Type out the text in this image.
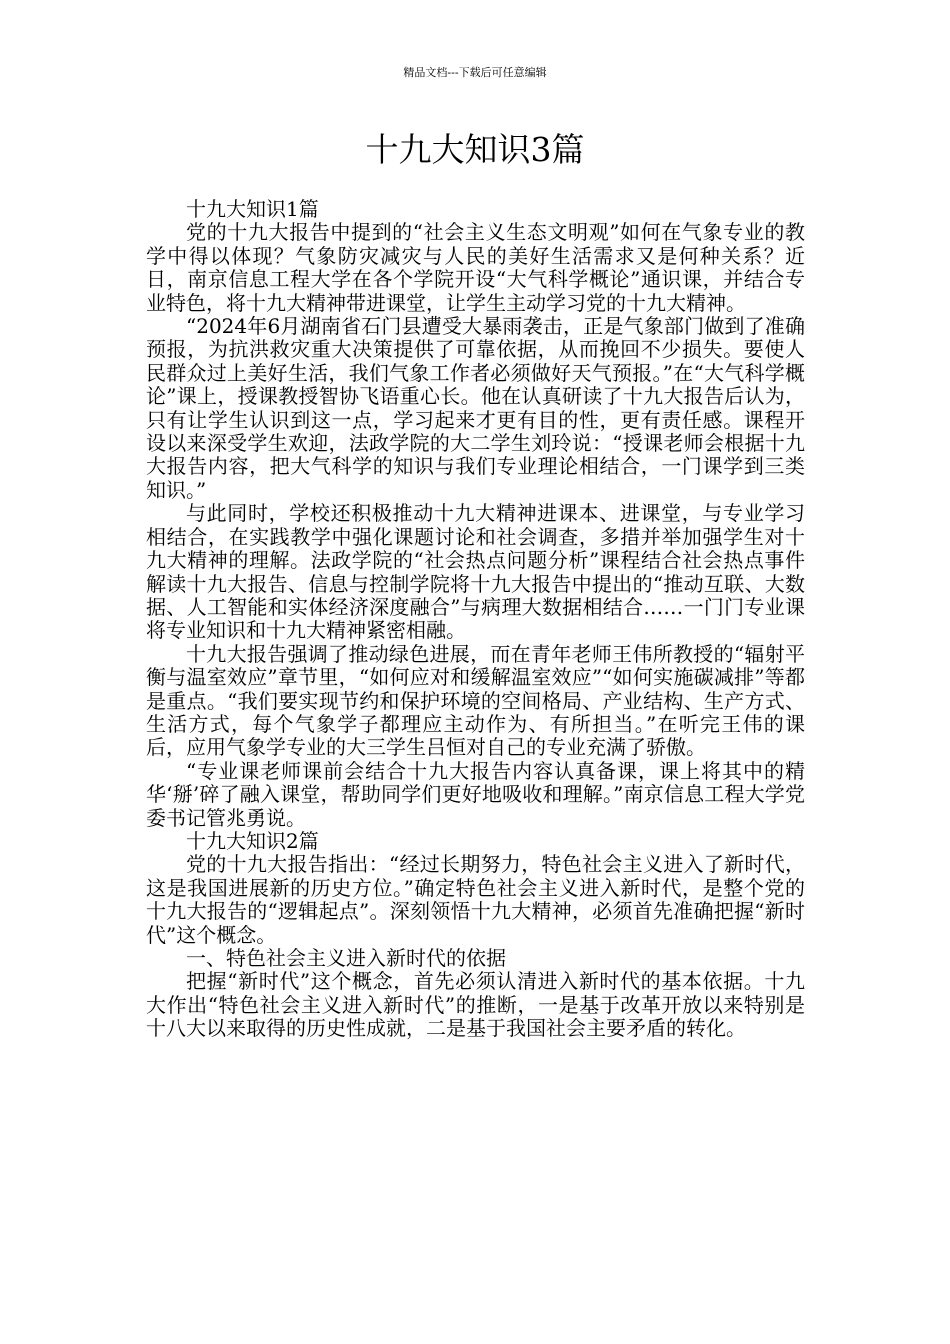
精品文档---下载后可任意编辑
十九大知识3篇

十九大知识1篇

党的十九大报告中提到的“社会主义生态文明观”如何在气象专业的教学中得以体现？气象防灾减灾与人民的美好生活需求又是何种关系？近日，南京信息工程大学在各个学院开设“大气科学概论”通识课，并结合专业特色，将十九大精神带进课堂，让学生主动学习党的十九大精神。

“2024年6月湖南省石门县遭受大暴雨袭击，正是气象部门做到了准确预报，为抗洪救灾重大决策提供了可靠依据，从而挽回不少损失。要使人民群众过上美好生活，我们气象工作者必须做好天气预报。”在“大气科学概论”课上，授课教授智协飞语重心长。他在认真研读了十九大报告后认为，只有让学生认识到这一点，学习起来才更有目的性，更有责任感。课程开设以来深受学生欢迎，法政学院的大二学生刘玲说：“授课老师会根据十九大报告内容，把大气科学的知识与我们专业理论相结合，一门课学到三类知识。”

与此同时，学校还积极推动十九大精神进课本、进课堂，与专业学习相结合，在实践教学中强化课题讨论和社会调查，多措并举加强学生对十九大精神的理解。法政学院的“社会热点问题分析”课程结合社会热点事件解读十九大报告、信息与控制学院将十九大报告中提出的“推动互联、大数据、人工智能和实体经济深度融合”与病理大数据相结合……一门门专业课将专业知识和十九大精神紧密相融。

十九大报告强调了推动绿色进展，而在青年老师王伟所教授的“辐射平衡与温室效应”章节里，“如何应对和缓解温室效应”“如何实施碳减排”等都是重点。“我们要实现节约和保护环境的空间格局、产业结构、生产方式、生活方式，每个气象学子都理应主动作为、有所担当。”在听完王伟的课后，应用气象学专业的大三学生吕恒对自己的专业充满了骄傲。

“专业课老师课前会结合十九大报告内容认真备课，课上将其中的精华‘掰’碎了融入课堂，帮助同学们更好地吸收和理解。”南京信息工程大学党委书记管兆勇说。

十九大知识2篇

党的十九大报告指出：“经过长期努力，特色社会主义进入了新时代，这是我国进展新的历史方位。”确定特色社会主义进入新时代，是整个党的十九大报告的“逻辑起点”。深刻领悟十九大精神，必须首先准确把握“新时代”这个概念。

一、特色社会主义进入新时代的依据

把握“新时代”这个概念，首先必须认清进入新时代的基本依据。十九大作出“特色社会主义进入新时代”的推断，一是基于改革开放以来特别是十八大以来取得的历史性成就，二是基于我国社会主要矛盾的转化。
